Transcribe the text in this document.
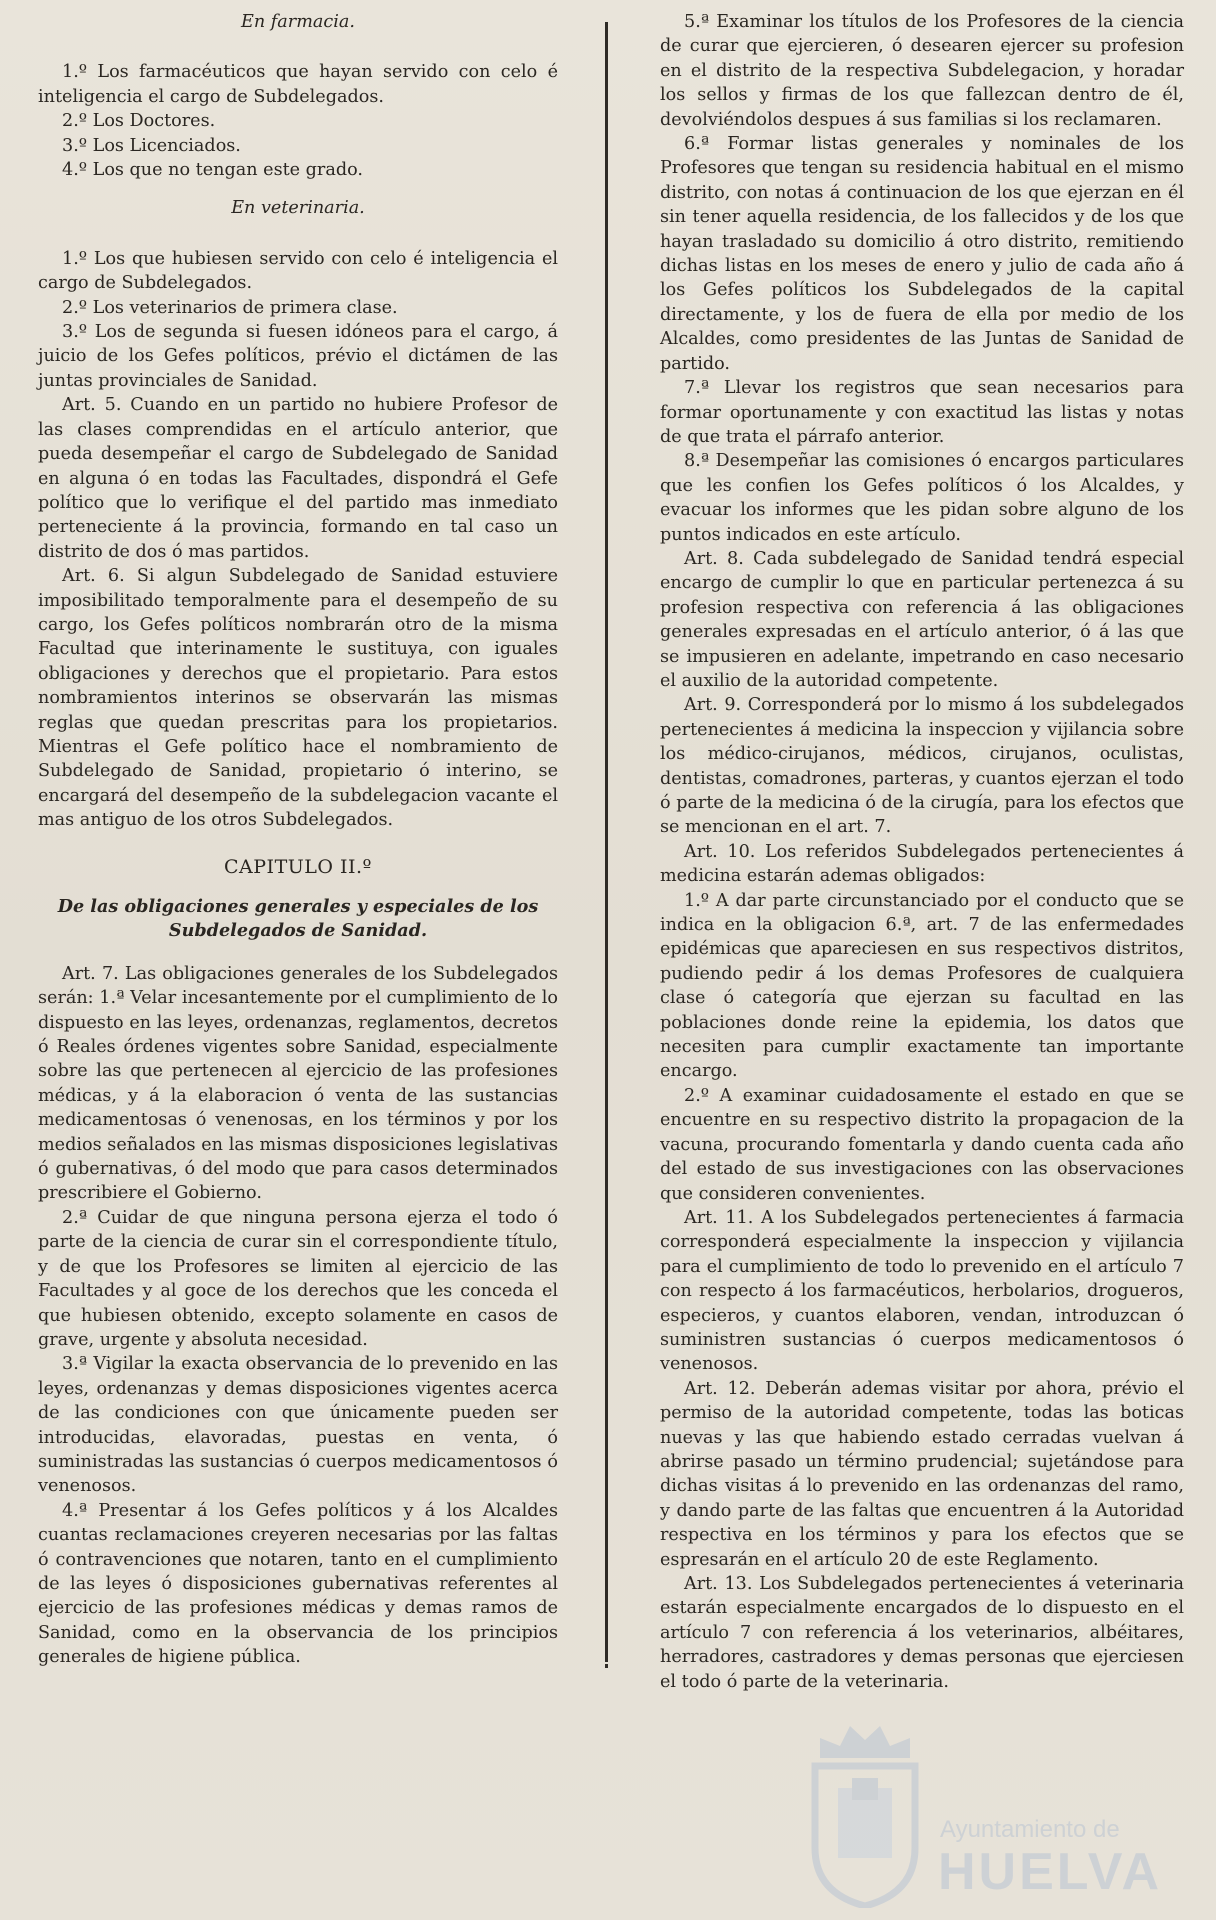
En farmacia.

1.º Los farmacéuticos que hayan servido con celo é inteligencia el cargo de Subdelegados.

2.º Los Doctores.

3.º Los Licenciados.

4.º Los que no tengan este grado.

En veterinaria.

1.º Los que hubiesen servido con celo é inteligencia el cargo de Subdelegados.

2.º Los veterinarios de primera clase.

3.º Los de segunda si fuesen idóneos para el cargo, á juicio de los Gefes políticos, prévio el dictámen de las juntas provinciales de Sanidad.

Art. 5. Cuando en un partido no hubiere Profesor de las clases comprendidas en el artículo anterior, que pueda desempeñar el cargo de Subdelegado de Sanidad en alguna ó en todas las Facultades, dispondrá el Gefe político que lo verifique el del partido mas inmediato perteneciente á la provincia, formando en tal caso un distrito de dos ó mas partidos.

Art. 6. Si algun Subdelegado de Sanidad estuviere imposibilitado temporalmente para el desempeño de su cargo, los Gefes políticos nombrarán otro de la misma Facultad que interinamente le sustituya, con iguales obligaciones y derechos que el propietario. Para estos nombramientos interinos se observarán las mismas reglas que quedan prescritas para los propietarios. Mientras el Gefe político hace el nombramiento de Subdelegado de Sanidad, propietario ó interino, se encargará del desempeño de la subdelegacion vacante el mas antiguo de los otros Subdelegados.

CAPITULO II.º

De las obligaciones generales y especiales de los Subdelegados de Sanidad.

Art. 7. Las obligaciones generales de los Subdelegados serán: 1.ª Velar incesantemente por el cumplimiento de lo dispuesto en las leyes, ordenanzas, reglamentos, decretos ó Reales órdenes vigentes sobre Sanidad, especialmente sobre las que pertenecen al ejercicio de las profesiones médicas, y á la elaboracion ó venta de las sustancias medicamentosas ó venenosas, en los términos y por los medios señalados en las mismas disposiciones legislativas ó gubernativas, ó del modo que para casos determinados prescribiere el Gobierno.

2.ª Cuidar de que ninguna persona ejerza el todo ó parte de la ciencia de curar sin el correspondiente título, y de que los Profesores se limiten al ejercicio de las Facultades y al goce de los derechos que les conceda el que hubiesen obtenido, excepto solamente en casos de grave, urgente y absoluta necesidad.

3.ª Vigilar la exacta observancia de lo prevenido en las leyes, ordenanzas y demas disposiciones vigentes acerca de las condiciones con que únicamente pueden ser introducidas, elavoradas, puestas en venta, ó suministradas las sustancias ó cuerpos medicamentosos ó venenosos.

4.ª Presentar á los Gefes políticos y á los Alcaldes cuantas reclamaciones creyeren necesarias por las faltas ó contravenciones que notaren, tanto en el cumplimiento de las leyes ó disposiciones gubernativas referentes al ejercicio de las profesiones médicas y demas ramos de Sanidad, como en la observancia de los principios generales de higiene pública.

5.ª Examinar los títulos de los Profesores de la ciencia de curar que ejercieren, ó desearen ejercer su profesion en el distrito de la respectiva Subdelegacion, y horadar los sellos y firmas de los que fallezcan dentro de él, devolviéndolos despues á sus familias si los reclamaren.

6.ª Formar listas generales y nominales de los Profesores que tengan su residencia habitual en el mismo distrito, con notas á continuacion de los que ejerzan en él sin tener aquella residencia, de los fallecidos y de los que hayan trasladado su domicilio á otro distrito, remitiendo dichas listas en los meses de enero y julio de cada año á los Gefes políticos los Subdelegados de la capital directamente, y los de fuera de ella por medio de los Alcaldes, como presidentes de las Juntas de Sanidad de partido.

7.ª Llevar los registros que sean necesarios para formar oportunamente y con exactitud las listas y notas de que trata el párrafo anterior.

8.ª Desempeñar las comisiones ó encargos particulares que les confien los Gefes políticos ó los Alcaldes, y evacuar los informes que les pidan sobre alguno de los puntos indicados en este artículo.

Art. 8. Cada subdelegado de Sanidad tendrá especial encargo de cumplir lo que en particular pertenezca á su profesion respectiva con referencia á las obligaciones generales expresadas en el artículo anterior, ó á las que se impusieren en adelante, impetrando en caso necesario el auxilio de la autoridad competente.

Art. 9. Corresponderá por lo mismo á los subdelegados pertenecientes á medicina la inspeccion y vijilancia sobre los médico-cirujanos, médicos, cirujanos, oculistas, dentistas, comadrones, parteras, y cuantos ejerzan el todo ó parte de la medicina ó de la cirugía, para los efectos que se mencionan en el art. 7.

Art. 10. Los referidos Subdelegados pertenecientes á medicina estarán ademas obligados:

1.º A dar parte circunstanciado por el conducto que se indica en la obligacion 6.ª, art. 7 de las enfermedades epidémicas que apareciesen en sus respectivos distritos, pudiendo pedir á los demas Profesores de cualquiera clase ó categoría que ejerzan su facultad en las poblaciones donde reine la epidemia, los datos que necesiten para cumplir exactamente tan importante encargo.

2.º A examinar cuidadosamente el estado en que se encuentre en su respectivo distrito la propagacion de la vacuna, procurando fomentarla y dando cuenta cada año del estado de sus investigaciones con las observaciones que consideren convenientes.

Art. 11. A los Subdelegados pertenecientes á farmacia corresponderá especialmente la inspeccion y vijilancia para el cumplimiento de todo lo prevenido en el artículo 7 con respecto á los farmacéuticos, herbolarios, drogueros, especieros, y cuantos elaboren, vendan, introduzcan ó suministren sustancias ó cuerpos medicamentosos ó venenosos.

Art. 12. Deberán ademas visitar por ahora, prévio el permiso de la autoridad competente, todas las boticas nuevas y las que habiendo estado cerradas vuelvan á abrirse pasado un término prudencial; sujetándose para dichas visitas á lo prevenido en las ordenanzas del ramo, y dando parte de las faltas que encuentren á la Autoridad respectiva en los términos y para los efectos que se espresarán en el artículo 20 de este Reglamento.

Art. 13. Los Subdelegados pertenecientes á veterinaria estarán especialmente encargados de lo dispuesto en el artículo 7 con referencia á los veterinarios, albéitares, herradores, castradores y demas personas que ejerciesen el todo ó parte de la veterinaria.

Ayuntamiento de
HUELVA
